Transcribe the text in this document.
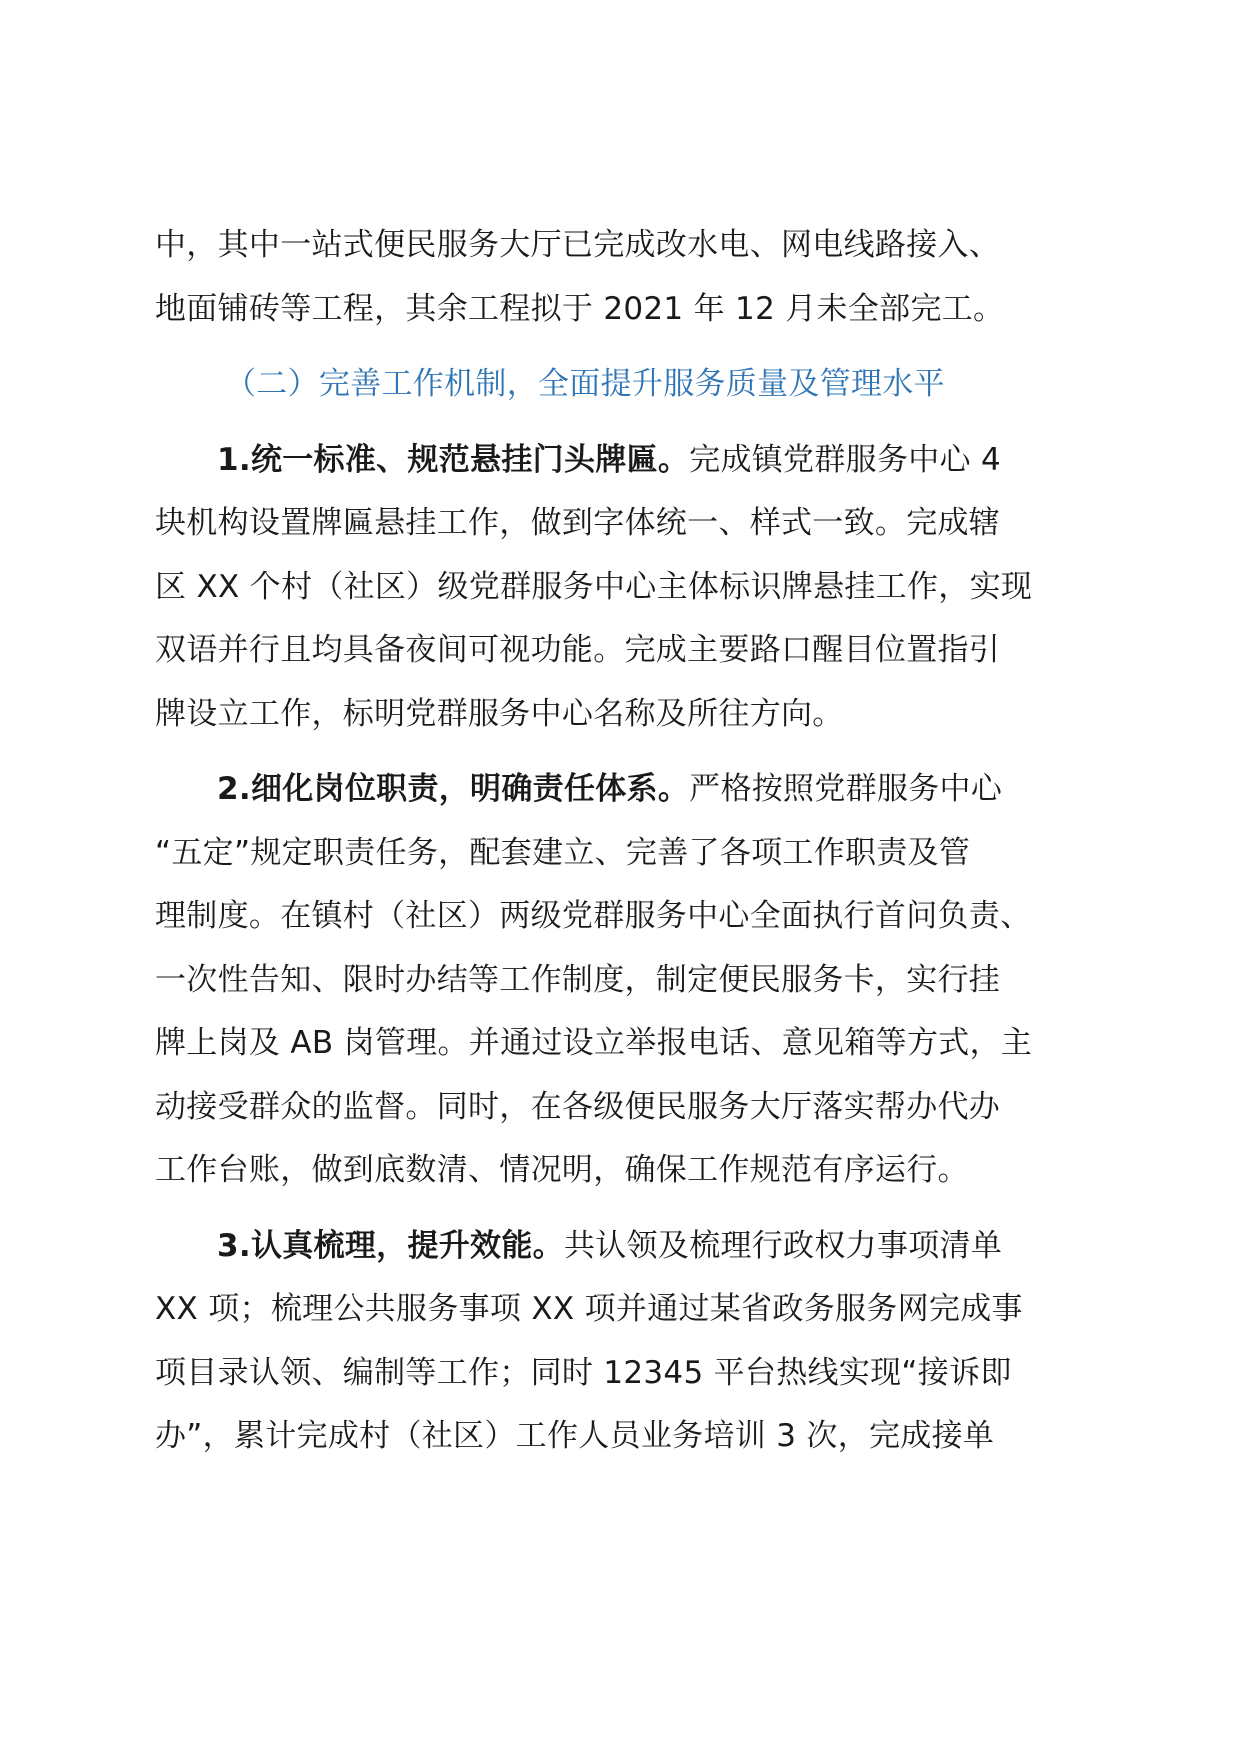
中，其中一站式便民服务大厅已完成改水电、网电线路接入、
地面铺砖等工程，其余工程拟于 2021 年 12 月未全部完工。
（二）完善工作机制，全面提升服务质量及管理水平
1.统一标准、规范悬挂门头牌匾。完成镇党群服务中心 4
块机构设置牌匾悬挂工作，做到字体统一、样式一致。完成辖
区 XX 个村（社区）级党群服务中心主体标识牌悬挂工作，实现
双语并行且均具备夜间可视功能。完成主要路口醒目位置指引
牌设立工作，标明党群服务中心名称及所往方向。
2.细化岗位职责，明确责任体系。严格按照党群服务中心
“五定”规定职责任务，配套建立、完善了各项工作职责及管
理制度。在镇村（社区）两级党群服务中心全面执行首问负责、
一次性告知、限时办结等工作制度，制定便民服务卡，实行挂
牌上岗及 AB 岗管理。并通过设立举报电话、意见箱等方式，主
动接受群众的监督。同时，在各级便民服务大厅落实帮办代办
工作台账，做到底数清、情况明，确保工作规范有序运行。
3.认真梳理，提升效能。共认领及梳理行政权力事项清单
XX 项；梳理公共服务事项 XX 项并通过某省政务服务网完成事
项目录认领、编制等工作；同时 12345 平台热线实现“接诉即
办”，累计完成村（社区）工作人员业务培训 3 次，完成接单
